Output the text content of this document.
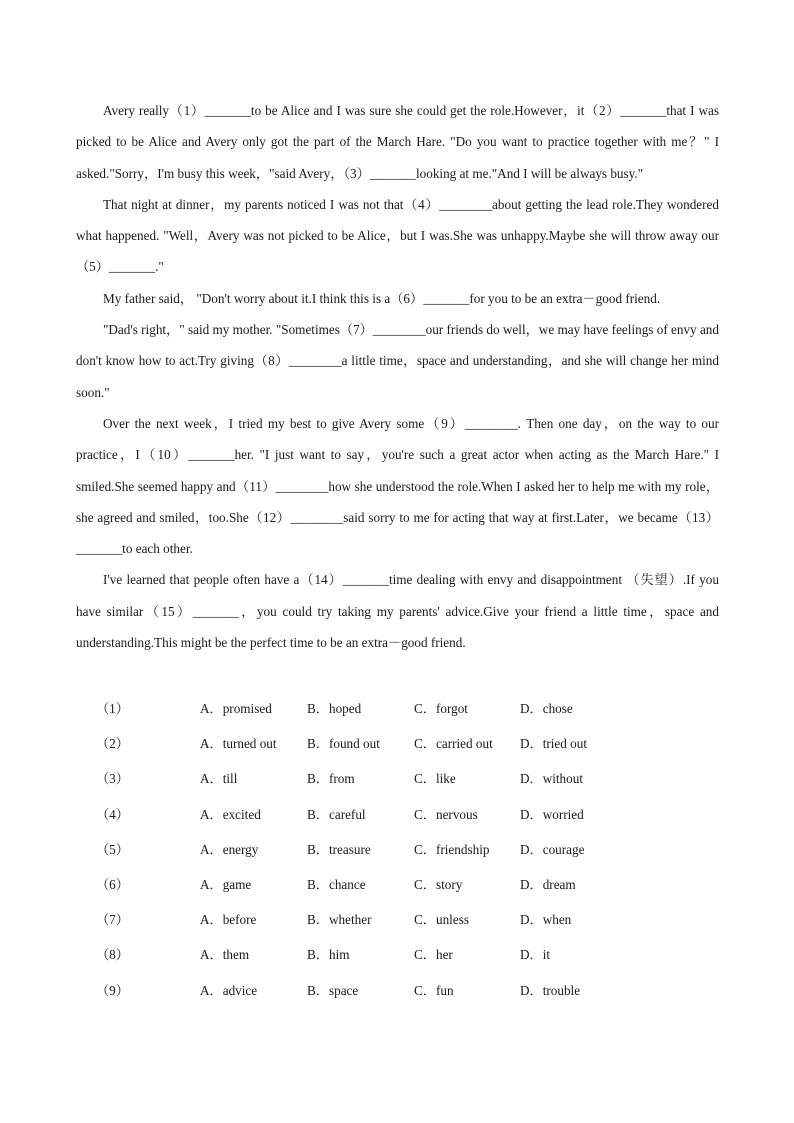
Avery really（1）_______to be Alice and I was sure she could get the role.However，it（2）_______that I was picked to be Alice and Avery only got the part of the March Hare. "Do you want to practice together with me？" I asked."Sorry，I'm busy this week，"said Avery，（3）_______looking at me."And I will be always busy."

That night at dinner，my parents noticed I was not that（4）________about getting the lead role.They wondered what happened. "Well，Avery was not picked to be Alice，but I was.She was unhappy.Maybe she will throw away our（5）_______."

My father said， "Don't worry about it.I think this is a（6）_______for you to be an extra－good friend.

"Dad's right，" said my mother. "Sometimes（7）________our friends do well，we may have feelings of envy and don't know how to act.Try giving（8）________a little time，space and understanding，and she will change her mind soon."

Over the next week，I tried my best to give Avery some（9）________. Then one day，on the way to our practice，I（10）_______her. "I just want to say，you're such a great actor when acting as the March Hare." I smiled.She seemed happy and（11）________how she understood the role.When I asked her to help me with my role，she agreed and smiled，too.She（12）________said sorry to me for acting that way at first.Later，we became（13）_______to each other.

I've learned that people often have a（14）_______time dealing with envy and disappointment （失望）.If you have similar（15）_______，you could try taking my parents' advice.Give your friend a little time，space and understanding.This might be the perfect time to be an extra－good friend.

（1）	A．promised	B．hoped	C．forgot	D．chose
（2）	A．turned out B．found out	C．carried out D．tried out
（3）	A．till	B．from	C．like	D．without
（4）	A．excited	B．careful	C．nervous	D．worried
（5）	A．energy	B．treasure	C．friendship D．courage
（6）	A．game	B．chance	C．story	D．dream
（7）	A．before	B．whether	C．unless	D．when
（8）	A．them	B．him	C．her	D．it
（9）	A．advice	B．space	C．fun	D．trouble
